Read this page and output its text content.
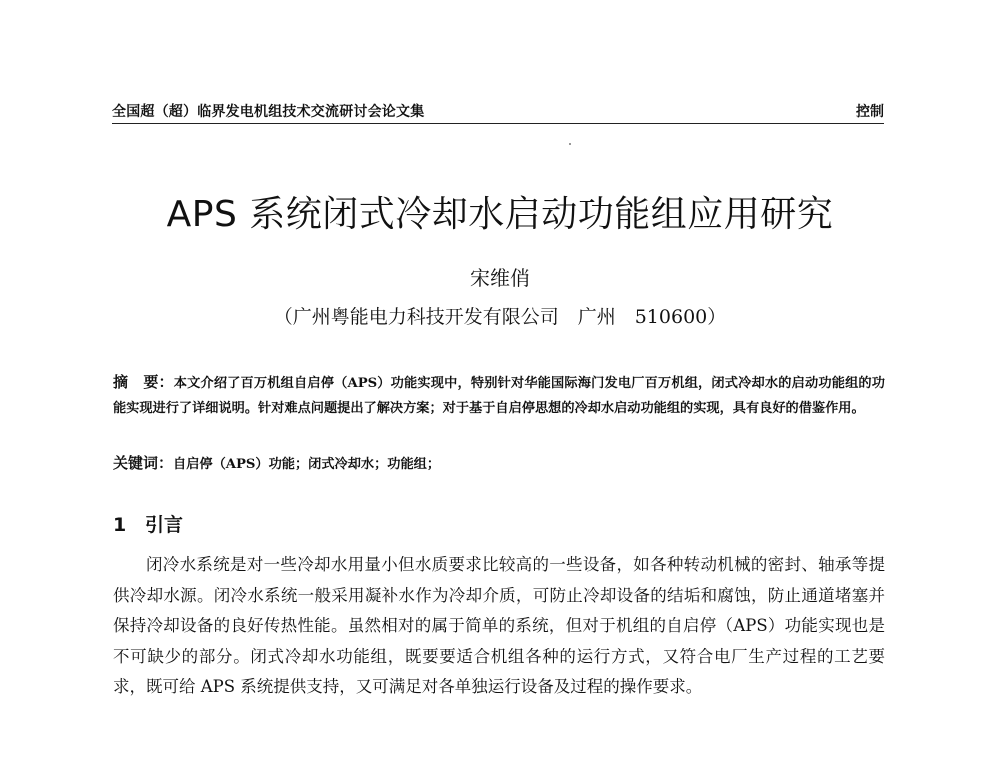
全国超（超）临界发电机组技术交流研讨会论文集	控制
APS 系统闭式冷却水启动功能组应用研究
宋维俏
（广州粤能电力科技开发有限公司　广州　510600）
摘　要：本文介绍了百万机组自启停（APS）功能实现中，特别针对华能国际海门发电厂百万机组，闭式冷却水的启动功能组的功能实现进行了详细说明。针对难点问题提出了解决方案；对于基于自启停思想的冷却水启动功能组的实现，具有良好的借鉴作用。
关键词：自启停（APS）功能；闭式冷却水；功能组；
1 引言
闭冷水系统是对一些冷却水用量小但水质要求比较高的一些设备，如各种转动机械的密封、轴承等提供冷却水源。闭冷水系统一般采用凝补水作为冷却介质，可防止冷却设备的结垢和腐蚀，防止通道堵塞并保持冷却设备的良好传热性能。虽然相对的属于简单的系统，但对于机组的自启停（APS）功能实现也是不可缺少的部分。闭式冷却水功能组，既要要适合机组各种的运行方式，又符合电厂生产过程的工艺要求，既可给 APS 系统提供支持，又可满足对各单独运行设备及过程的操作要求。
